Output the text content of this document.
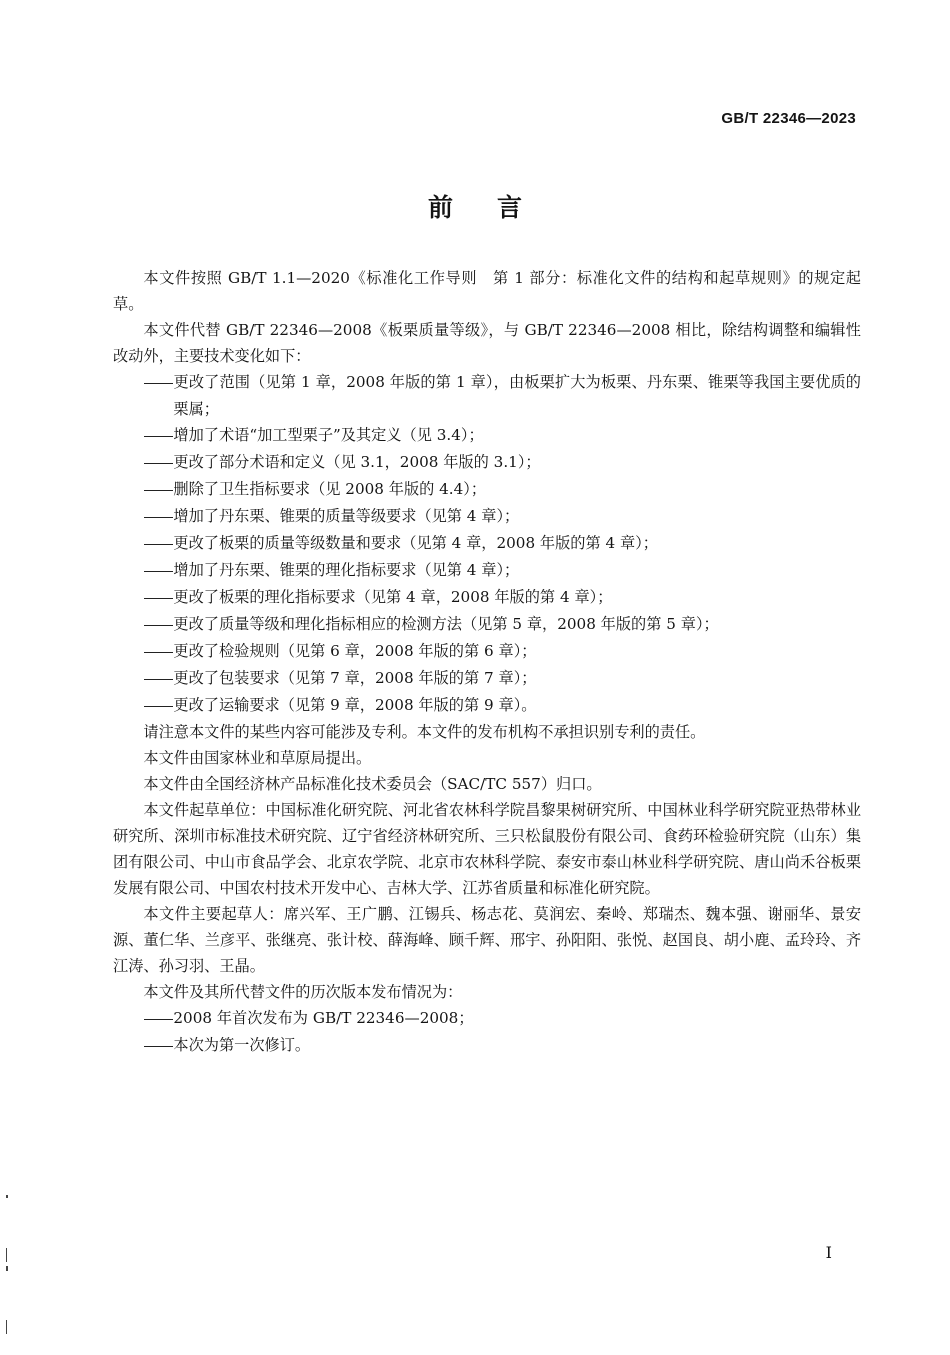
GB/T 22346—2023
前言

本文件按照 GB/T 1.1—2020《标准化工作导则　第 1 部分：标准化文件的结构和起草规则》的规定起草。

本文件代替 GB/T 22346—2008《板栗质量等级》，与 GB/T 22346—2008 相比，除结构调整和编辑性改动外，主要技术变化如下：

更改了范围（见第 1 章，2008 年版的第 1 章），由板栗扩大为板栗、丹东栗、锥栗等我国主要优质的栗属；

增加了术语“加工型栗子”及其定义（见 3.4）；

更改了部分术语和定义（见 3.1，2008 年版的 3.1）；

删除了卫生指标要求（见 2008 年版的 4.4）；

增加了丹东栗、锥栗的质量等级要求（见第 4 章）；

更改了板栗的质量等级数量和要求（见第 4 章，2008 年版的第 4 章）；

增加了丹东栗、锥栗的理化指标要求（见第 4 章）；

更改了板栗的理化指标要求（见第 4 章，2008 年版的第 4 章）；

更改了质量等级和理化指标相应的检测方法（见第 5 章，2008 年版的第 5 章）；

更改了检验规则（见第 6 章，2008 年版的第 6 章）；

更改了包装要求（见第 7 章，2008 年版的第 7 章）；

更改了运输要求（见第 9 章，2008 年版的第 9 章）。

请注意本文件的某些内容可能涉及专利。本文件的发布机构不承担识别专利的责任。

本文件由国家林业和草原局提出。

本文件由全国经济林产品标准化技术委员会（SAC/TC 557）归口。

本文件起草单位：中国标准化研究院、河北省农林科学院昌黎果树研究所、中国林业科学研究院亚热带林业研究所、深圳市标准技术研究院、辽宁省经济林研究所、三只松鼠股份有限公司、食药环检验研究院（山东）集团有限公司、中山市食品学会、北京农学院、北京市农林科学院、泰安市泰山林业科学研究院、唐山尚禾谷板栗发展有限公司、中国农村技术开发中心、吉林大学、江苏省质量和标准化研究院。

本文件主要起草人：席兴军、王广鹏、江锡兵、杨志花、莫润宏、秦岭、郑瑞杰、魏本强、谢丽华、景安源、董仁华、兰彦平、张继亮、张计校、薛海峰、顾千辉、邢宇、孙阳阳、张悦、赵国良、胡小鹿、孟玲玲、齐江涛、孙习羽、王晶。

本文件及其所代替文件的历次版本发布情况为：

2008 年首次发布为 GB/T 22346—2008；

本次为第一次修订。

I
